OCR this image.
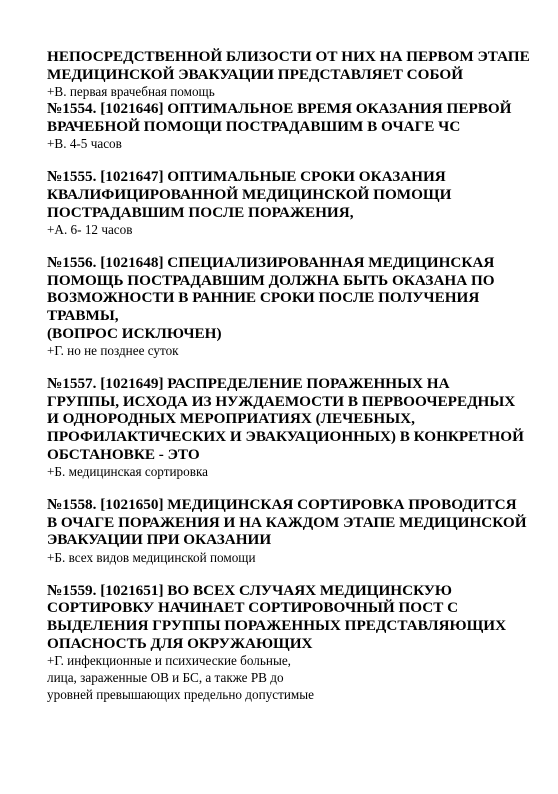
НЕПОСРЕДСТВЕННОЙ БЛИЗОСТИ ОТ НИХ НА ПЕРВОМ ЭТАПЕ
МЕДИЦИНСКОЙ ЭВАКУАЦИИ ПРЕДСТАВЛЯЕТ СОБОЙ

+В. первая врачебная помощь

№1554. [1021646] ОПТИМАЛЬНОЕ ВРЕМЯ ОКАЗАНИЯ ПЕРВОЙ
ВРАЧЕБНОЙ ПОМОЩИ ПОСТРАДАВШИМ В ОЧАГЕ ЧС

+В. 4-5 часов

№1555. [1021647] ОПТИМАЛЬНЫЕ СРОКИ ОКАЗАНИЯ
КВАЛИФИЦИРОВАННОЙ МЕДИЦИНСКОЙ ПОМОЩИ
ПОСТРАДАВШИМ ПОСЛЕ ПОРАЖЕНИЯ,

+А. 6- 12 часов

№1556. [1021648] СПЕЦИАЛИЗИРОВАННАЯ МЕДИЦИНСКАЯ
ПОМОЩЬ ПОСТРАДАВШИМ ДОЛЖНА БЫТЬ ОКАЗАНА ПО
ВОЗМОЖНОСТИ В РАННИЕ СРОКИ ПОСЛЕ ПОЛУЧЕНИЯ
ТРАВМЫ,
(ВОПРОС ИСКЛЮЧЕН)

+Г. но не позднее суток

№1557. [1021649] РАСПРЕДЕЛЕНИЕ ПОРАЖЕННЫХ НА
ГРУППЫ, ИСХОДА ИЗ НУЖДАЕМОСТИ В ПЕРВООЧЕРЕДНЫХ
И ОДНОРОДНЫХ МЕРОПРИАТИЯХ (ЛЕЧЕБНЫХ,
ПРОФИЛАКТИЧЕСКИХ И ЭВАКУАЦИОННЫХ) В КОНКРЕТНОЙ
ОБСТАНОВКЕ - ЭТО

+Б. медицинская сортировка

№1558. [1021650] МЕДИЦИНСКАЯ СОРТИРОВКА ПРОВОДИТСЯ
В ОЧАГЕ ПОРАЖЕНИЯ И НА КАЖДОМ ЭТАПЕ МЕДИЦИНСКОЙ
ЭВАКУАЦИИ ПРИ ОКАЗАНИИ

+Б. всех видов медицинской помощи

№1559. [1021651] ВО ВСЕХ СЛУЧАЯХ МЕДИЦИНСКУЮ
СОРТИРОВКУ НАЧИНАЕТ СОРТИРОВОЧНЫЙ ПОСТ С
ВЫДЕЛЕНИЯ ГРУППЫ ПОРАЖЕННЫХ ПРЕДСТАВЛЯЮЩИХ
ОПАСНОСТЬ ДЛЯ ОКРУЖАЮЩИХ

+Г. инфекционные и психические больные,
лица, зараженные ОВ и БС, а также РВ до
уровней превышающих предельно допустимые
